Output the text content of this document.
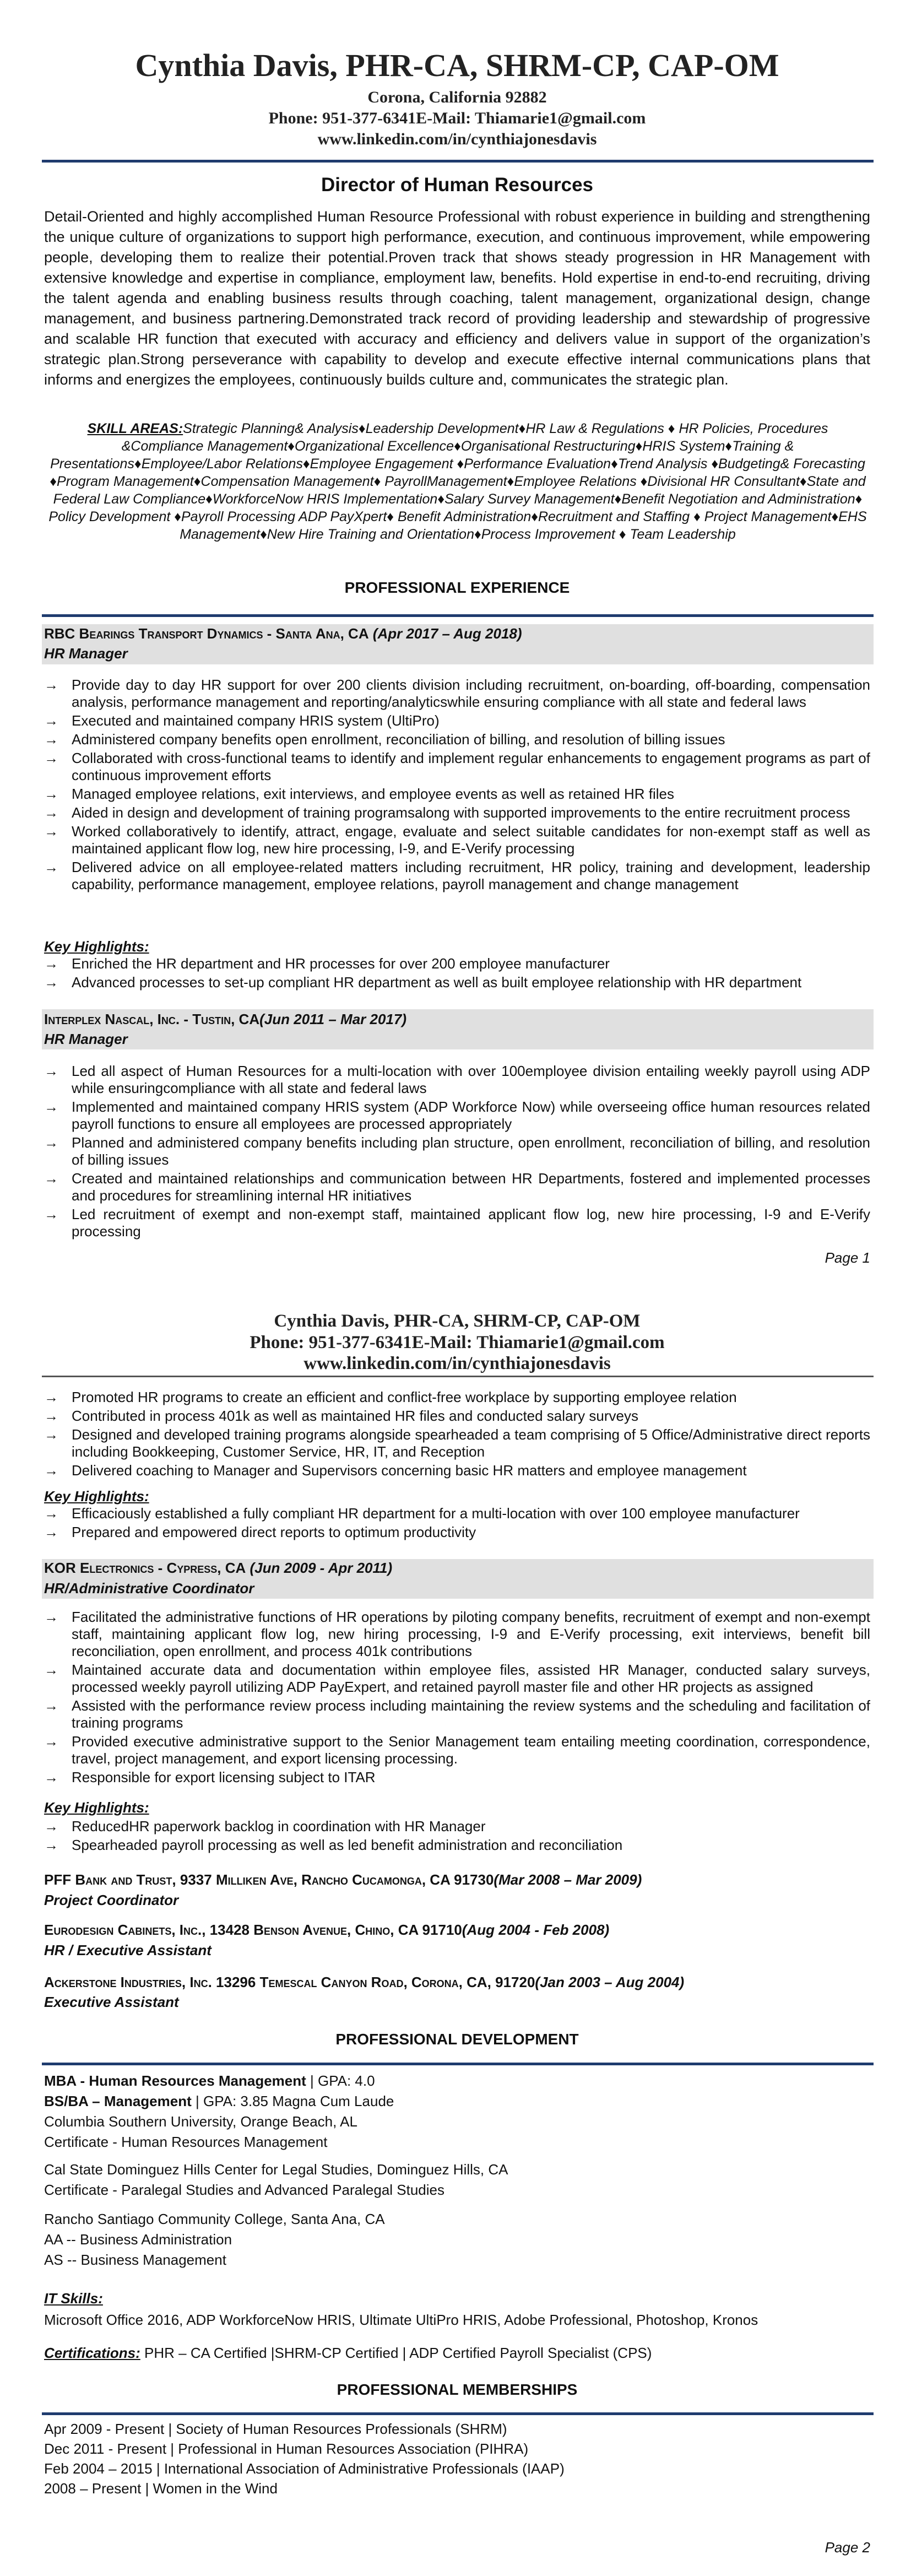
Cynthia Davis, PHR-CA, SHRM-CP, CAP-OM
Corona, California 92882
Phone: 951-377-6341E-Mail: Thiamarie1@gmail.com
www.linkedin.com/in/cynthiajonesdavis
Director of Human Resources
Detail-Oriented and highly accomplished Human Resource Professional with robust experience in building and strengthening the unique culture of organizations to support high performance, execution, and continuous improvement, while empowering people, developing them to realize their potential.Proven track that shows steady progression in HR Management with extensive knowledge and expertise in compliance, employment law, benefits. Hold expertise in end-to-end recruiting, driving the talent agenda and enabling business results through coaching, talent management, organizational design, change management, and business partnering.Demonstrated track record of providing leadership and stewardship of progressive and scalable HR function that executed with accuracy and efficiency and delivers value in support of the organization’s strategic plan.Strong perseverance with capability to develop and execute effective internal communications plans that informs and energizes the employees, continuously builds culture and, communicates the strategic plan.
SKILL AREAS:Strategic Planning& Analysis♦Leadership Development♦HR Law & Regulations ♦ HR Policies, Procedures &Compliance Management♦Organizational Excellence♦Organisational Restructuring♦HRIS System♦Training & Presentations♦Employee/Labor Relations♦Employee Engagement ♦Performance Evaluation♦Trend Analysis ♦Budgeting& Forecasting ♦Program Management♦Compensation Management♦ PayrollManagement♦Employee Relations ♦Divisional HR Consultant♦State and Federal Law Compliance♦WorkforceNow HRIS Implementation♦Salary Survey Management♦Benefit Negotiation and Administration♦ Policy Development ♦Payroll Processing ADP PayXpert♦ Benefit Administration♦Recruitment and Staffing ♦ Project Management♦EHS Management♦New Hire Training and Orientation♦Process Improvement ♦ Team Leadership
PROFESSIONAL EXPERIENCE
RBC Bearings Transport Dynamics - Santa Ana, CA (Apr 2017 – Aug 2018)
HR Manager
→ Provide day to day HR support for over 200 clients division including recruitment, on-boarding, off-boarding, compensation analysis, performance management and reporting/analyticswhile ensuring compliance with all state and federal laws
→ Executed and maintained company HRIS system (UltiPro)
→ Administered company benefits open enrollment, reconciliation of billing, and resolution of billing issues
→ Collaborated with cross-functional teams to identify and implement regular enhancements to engagement programs as part of continuous improvement efforts
→ Managed employee relations, exit interviews, and employee events as well as retained HR files
→ Aided in design and development of training programsalong with supported improvements to the entire recruitment process
→ Worked collaboratively to identify, attract, engage, evaluate and select suitable candidates for non-exempt staff as well as maintained applicant flow log, new hire processing, I-9, and E-Verify processing
→ Delivered advice on all employee-related matters including recruitment, HR policy, training and development, leadership capability, performance management, employee relations, payroll management and change management
Key Highlights:
→ Enriched the HR department and HR processes for over 200 employee manufacturer
→ Advanced processes to set-up compliant HR department as well as built employee relationship with HR department
Interplex Nascal, Inc. - Tustin, CA(Jun 2011 – Mar 2017)
HR Manager
→ Led all aspect of Human Resources for a multi-location with over 100employee division entailing weekly payroll using ADP while ensuringcompliance with all state and federal laws
→ Implemented and maintained company HRIS system (ADP Workforce Now) while overseeing office human resources related payroll functions to ensure all employees are processed appropriately
→ Planned and administered company benefits including plan structure, open enrollment, reconciliation of billing, and resolution of billing issues
→ Created and maintained relationships and communication between HR Departments, fostered and implemented processes and procedures for streamlining internal HR initiatives
→ Led recruitment of exempt and non-exempt staff, maintained applicant flow log, new hire processing, I-9 and E-Verify processing
Page 1
Cynthia Davis, PHR-CA, SHRM-CP, CAP-OM
Phone: 951-377-6341E-Mail: Thiamarie1@gmail.com
www.linkedin.com/in/cynthiajonesdavis
→ Promoted HR programs to create an efficient and conflict-free workplace by supporting employee relation
→ Contributed in process 401k as well as maintained HR files and conducted salary surveys
→ Designed and developed training programs alongside spearheaded a team comprising of 5 Office/Administrative direct reports including Bookkeeping, Customer Service, HR, IT, and Reception
→ Delivered coaching to Manager and Supervisors concerning basic HR matters and employee management
Key Highlights:
→ Efficaciously established a fully compliant HR department for a multi-location with over 100 employee manufacturer
→ Prepared and empowered direct reports to optimum productivity
KOR Electronics - Cypress, CA (Jun 2009 - Apr 2011)
HR/Administrative Coordinator
→ Facilitated the administrative functions of HR operations by piloting company benefits, recruitment of exempt and non-exempt staff, maintaining applicant flow log, new hiring processing, I-9 and E-Verify processing, exit interviews, benefit bill reconciliation, open enrollment, and process 401k contributions
→ Maintained accurate data and documentation within employee files, assisted HR Manager, conducted salary surveys, processed weekly payroll utilizing ADP PayExpert, and retained payroll master file and other HR projects as assigned
→ Assisted with the performance review process including maintaining the review systems and the scheduling and facilitation of training programs
→ Provided executive administrative support to the Senior Management team entailing meeting coordination, correspondence, travel, project management, and export licensing processing.
→ Responsible for export licensing subject to ITAR
Key Highlights:
→ ReducedHR paperwork backlog in coordination with HR Manager
→ Spearheaded payroll processing as well as led benefit administration and reconciliation
PFF Bank and Trust, 9337 Milliken Ave, Rancho Cucamonga, CA 91730(Mar 2008 – Mar 2009)
Project Coordinator
Eurodesign Cabinets, Inc., 13428 Benson Avenue, Chino, CA 91710(Aug 2004 - Feb 2008)
HR / Executive Assistant
Ackerstone Industries, Inc. 13296 Temescal Canyon Road, Corona, CA, 91720(Jan 2003 – Aug 2004)
Executive Assistant
PROFESSIONAL DEVELOPMENT
MBA - Human Resources Management | GPA: 4.0
BS/BA – Management | GPA: 3.85 Magna Cum Laude
Columbia Southern University, Orange Beach, AL
Certificate - Human Resources Management
Cal State Dominguez Hills Center for Legal Studies, Dominguez Hills, CA
Certificate - Paralegal Studies and Advanced Paralegal Studies
Rancho Santiago Community College, Santa Ana, CA
AA -- Business Administration
AS -- Business Management
IT Skills:
Microsoft Office 2016, ADP WorkforceNow HRIS, Ultimate UltiPro HRIS, Adobe Professional, Photoshop, Kronos
Certifications: PHR – CA Certified |SHRM-CP Certified | ADP Certified Payroll Specialist (CPS)
PROFESSIONAL MEMBERSHIPS
Apr 2009 - Present | Society of Human Resources Professionals (SHRM)
Dec 2011 - Present | Professional in Human Resources Association (PIHRA)
Feb 2004 – 2015 | International Association of Administrative Professionals (IAAP)
2008 – Present | Women in the Wind
Page 2
